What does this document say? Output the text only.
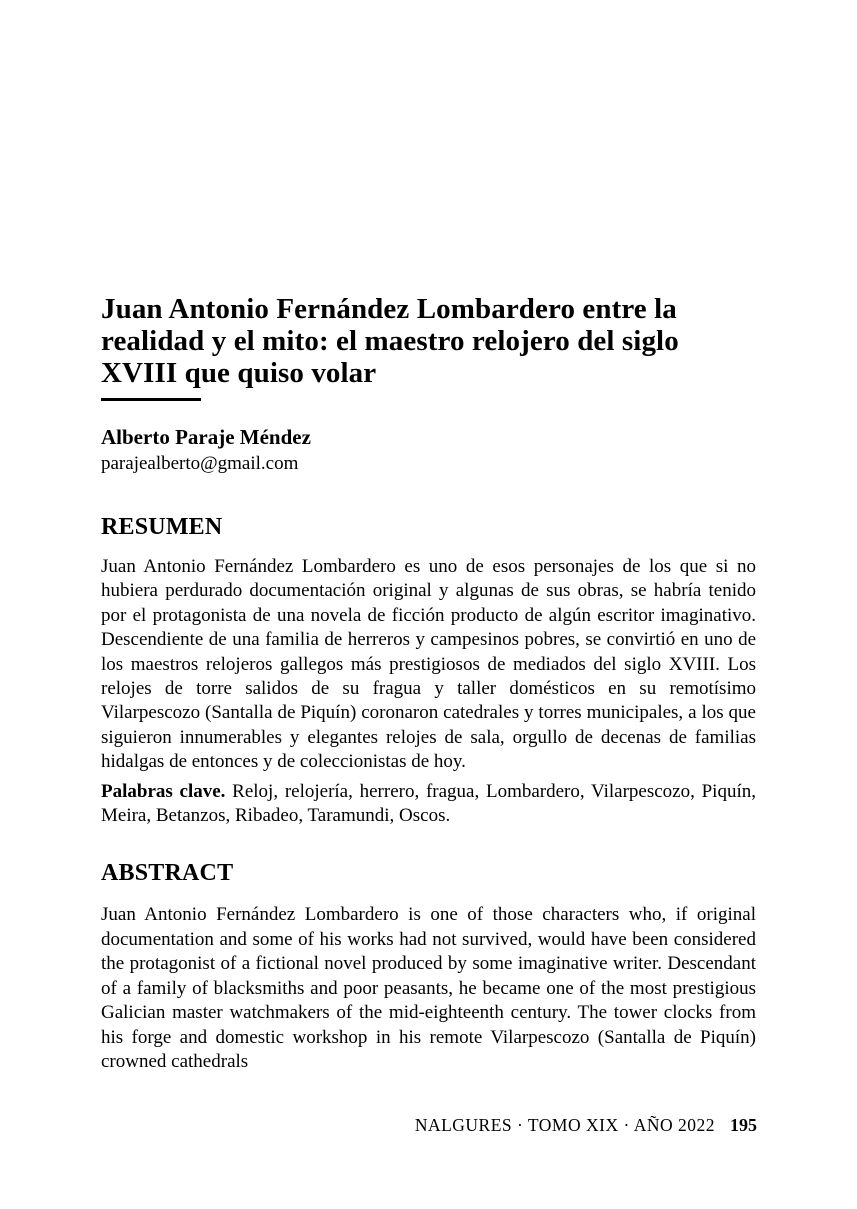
Juan Antonio Fernández Lombardero entre la realidad y el mito: el maestro relojero del siglo XVIII que quiso volar
Alberto Paraje Méndez
parajealberto@gmail.com
RESUMEN

Juan Antonio Fernández Lombardero es uno de esos personajes de los que si no hubiera perdurado documentación original y algunas de sus obras, se habría tenido por el protagonista de una novela de ficción producto de algún escritor imaginativo. Descendiente de una familia de herreros y campesinos pobres, se convirtió en uno de los maestros relojeros gallegos más prestigiosos de mediados del siglo XVIII. Los relojes de torre salidos de su fragua y taller domésticos en su remotísimo Vilarpescozo (Santalla de Piquín) coronaron catedrales y torres municipales, a los que siguieron innumerables y elegantes relojes de sala, orgullo de decenas de familias hidalgas de entonces y de coleccionistas de hoy.

Palabras clave. Reloj, relojería, herrero, fragua, Lombardero, Vilarpescozo, Piquín, Meira, Betanzos, Ribadeo, Taramundi, Oscos.

ABSTRACT

Juan Antonio Fernández Lombardero is one of those characters who, if original documentation and some of his works had not survived, would have been considered the protagonist of a fictional novel produced by some imaginative writer. Descendant of a family of blacksmiths and poor peasants, he became one of the most prestigious Galician master watchmakers of the mid-eighteenth century. The tower clocks from his forge and domestic workshop in his remote Vilarpescozo (Santalla de Piquín) crowned cathedrals

NALGURES · TOMO XIX · AÑO 2022 195
